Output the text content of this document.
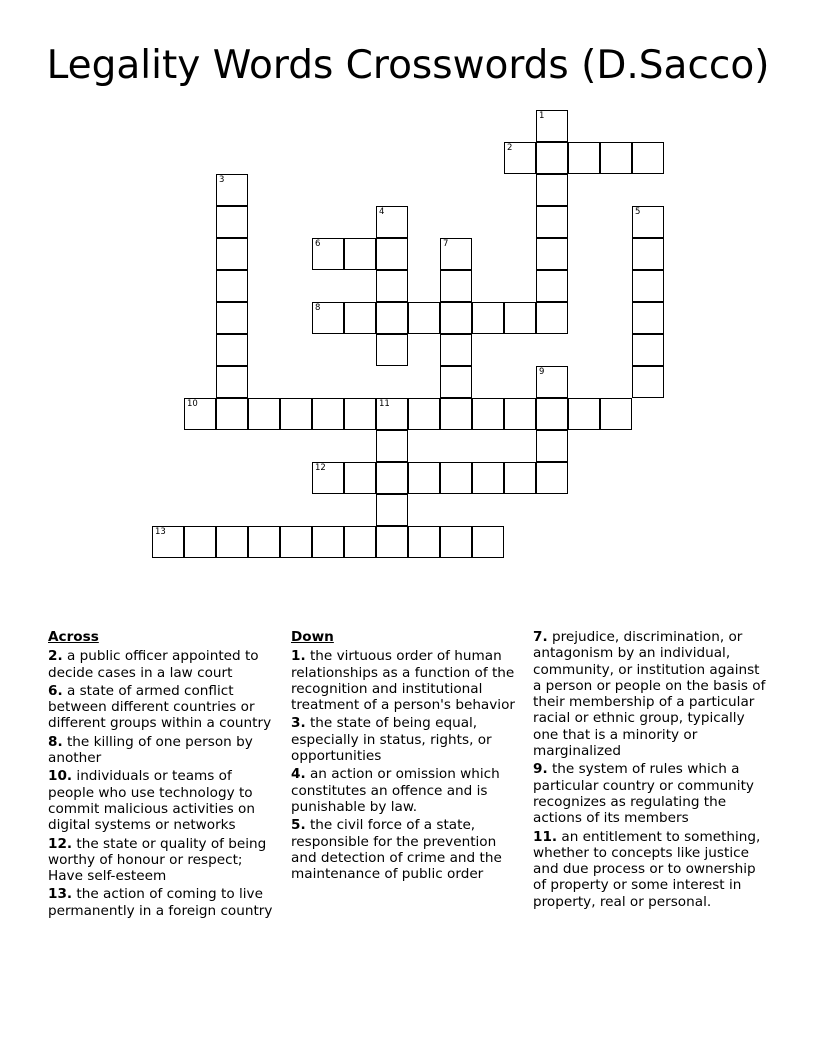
Legality Words Crosswords (D.Sacco)
1
2
3
4	5
6	7
8
9
10	11
12
13
Across
2. a public officer appointed to decide cases in a law court
6. a state of armed conflict between different countries or different groups within a country
8. the killing of one person by another
10. individuals or teams of people who use technology to commit malicious activities on digital systems or networks
12. the state or quality of being worthy of honour or respect; Have self-esteem
13. the action of coming to live permanently in a foreign country
Down
1. the virtuous order of human relationships as a function of the recognition and institutional treatment of a person's behavior
3. the state of being equal, especially in status, rights, or opportunities
4. an action or omission which constitutes an offence and is punishable by law.
5. the civil force of a state, responsible for the prevention and detection of crime and the maintenance of public order
7. prejudice, discrimination, or antagonism by an individual, community, or institution against a person or people on the basis of their membership of a particular racial or ethnic group, typically one that is a minority or marginalized
9. the system of rules which a particular country or community recognizes as regulating the actions of its members
11. an entitlement to something, whether to concepts like justice and due process or to ownership of property or some interest in property, real or personal.
